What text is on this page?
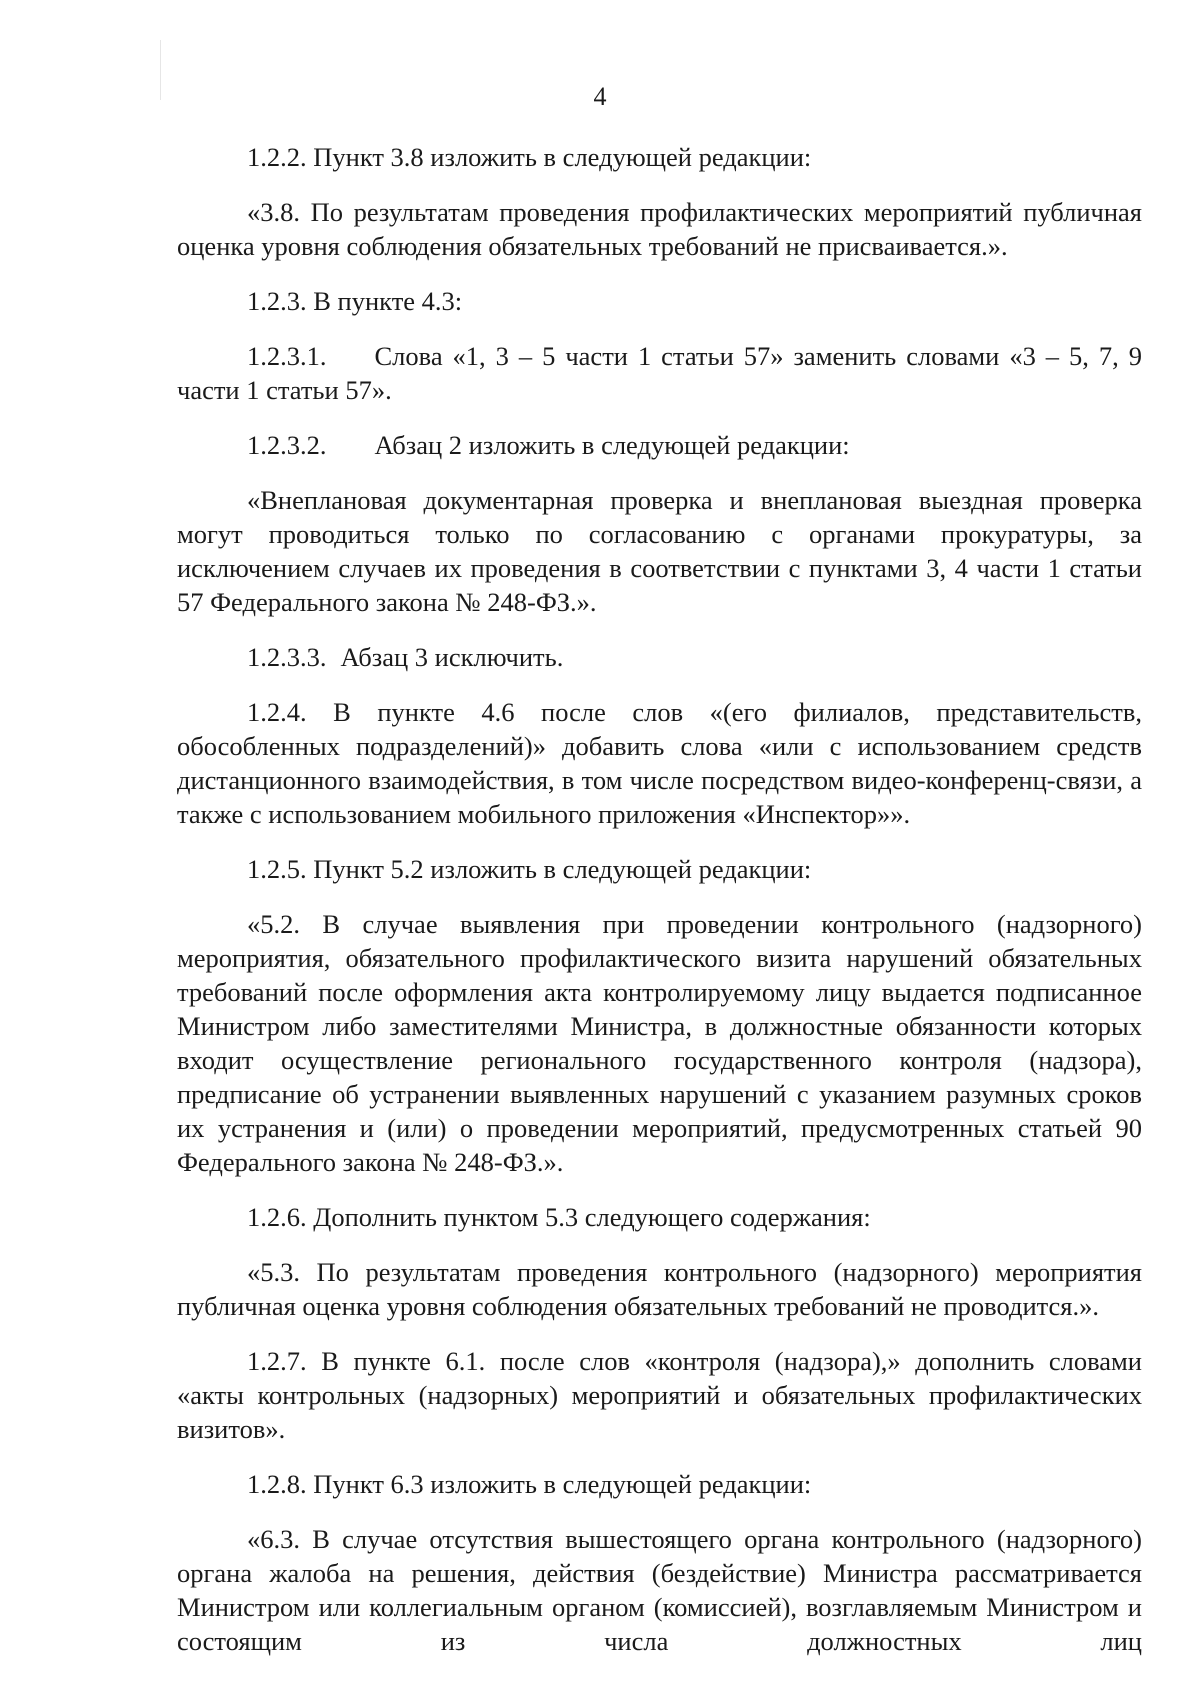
4

1.2.2. Пункт 3.8 изложить в следующей редакции:

«3.8. По результатам проведения профилактических мероприятий публичная оценка уровня соблюдения обязательных требований не присваивается.».

1.2.3. В пункте 4.3:

1.2.3.1. Слова «1, 3 – 5 части 1 статьи 57» заменить словами «3 – 5, 7, 9 части 1 статьи 57».

1.2.3.2. Абзац 2 изложить в следующей редакции:

«Внеплановая документарная проверка и внеплановая выездная проверка могут проводиться только по согласованию с органами прокуратуры, за исключением случаев их проведения в соответствии с пунктами 3, 4 части 1 статьи 57 Федерального закона № 248-ФЗ.».

1.2.3.3. Абзац 3 исключить.

1.2.4. В пункте 4.6 после слов «(его филиалов, представительств, обособленных подразделений)» добавить слова «или с использованием средств дистанционного взаимодействия, в том числе посредством видео-конференц-связи, а также с использованием мобильного приложения «Инспектор»».

1.2.5. Пункт 5.2 изложить в следующей редакции:

«5.2. В случае выявления при проведении контрольного (надзорного) мероприятия, обязательного профилактического визита нарушений обязательных требований после оформления акта контролируемому лицу выдается подписанное Министром либо заместителями Министра, в должностные обязанности которых входит осуществление регионального государственного контроля (надзора), предписание об устранении выявленных нарушений с указанием разумных сроков их устранения и (или) о проведении мероприятий, предусмотренных статьей 90 Федерального закона № 248-ФЗ.».

1.2.6. Дополнить пунктом 5.3 следующего содержания:

«5.3. По результатам проведения контрольного (надзорного) мероприятия публичная оценка уровня соблюдения обязательных требований не проводится.».

1.2.7. В пункте 6.1. после слов «контроля (надзора),» дополнить словами «акты контрольных (надзорных) мероприятий и обязательных профилактических визитов».

1.2.8. Пункт 6.3 изложить в следующей редакции:

«6.3. В случае отсутствия вышестоящего органа контрольного (надзорного) органа жалоба на решения, действия (бездействие) Министра рассматривается Министром или коллегиальным органом (комиссией), возглавляемым Министром и состоящим из числа должностных лиц
